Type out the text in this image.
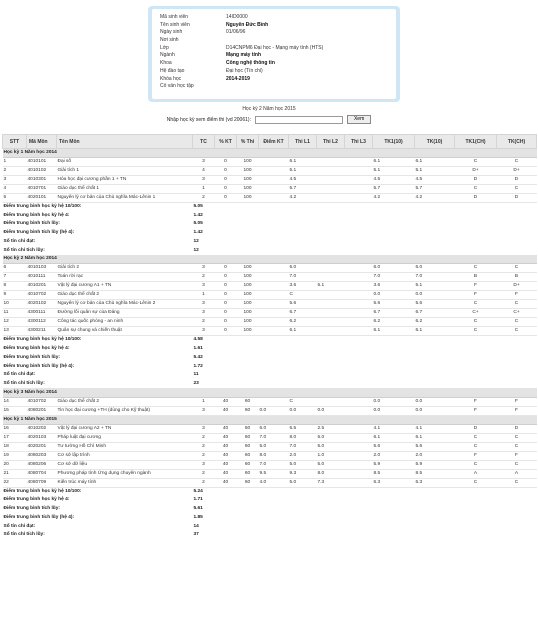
Mã sinh viên	14ID0000
Tên sinh viên	Nguyễn Đức Bình
Ngày sinh	01/06/96
Nơi sinh
Lớp	D14CNPM6 Đại học - Mạng máy tính (HTS)
Ngành	Mạng máy tính
Khoa	Công nghệ thông tin
Hệ đào tạo	Đại học (Tín chỉ)
Khóa học	2014-2019
Cố vấn học tập
Học kỳ 2 Năm học 2015
Nhập học kỳ xem điểm thi (vd 20061):	Xem
STT	Mã Môn	Tên Môn	TC	% KT	% Thi	Điểm KT	Thi L1	Thi L2	Thi L3	TK1(10)	TK(10)	TK1(CH)	TK(CH)
Học kỳ 1 Năm học 2014													
1	4010101	Đại số	3	0	100		6.1			6.1	6.1	C	C
2	4010102	Giải tích 1	4	0	100		5.1			5.1	5.1	D+	D+
3	4010301	Hóa học đại cương phần 1 + TN	3	0	100		4.5			4.5	4.5	D	D
4	4010701	Giáo dục thể chất 1	1	0	100		5.7			5.7	5.7	C	C
5	4020101	Nguyên lý cơ bản của Chủ nghĩa Mác-Lênin 1	2	0	100		4.2			4.2	4.2	D	D
Điểm trung bình học kỳ hệ 10/100:			5.05										
Điểm trung bình học kỳ hệ 4:			1.42										
Điểm trung bình tích lũy:			5.05										
Điểm trung bình tích lũy (hệ 4):			1.42										
Số tín chỉ đạt:			12										
Số tín chỉ tích lũy:			12										
Học kỳ 2 Năm học 2014													
6	4010103	Giải tích 2	3	0	100		6.0			6.0	6.0	C	C
7	4010111	Toán rời rạc	2	0	100		7.0			7.0	7.0	B	B
8	4010201	Vật lý đại cương A1 + TN	3	0	100		3.6	5.1		3.6	5.1	F	D+
9	4010702	Giáo dục thể chất 2	1	0	100		C			0.0	0.0	F	F
10	4020102	Nguyên lý cơ bản của Chủ nghĩa Mác-Lênin 2	3	0	100		5.6			5.6	5.6	C	C
11	4300111	Đường lối quân sự của Đảng	3	0	100		6.7			6.7	6.7	C+	C+
12	4300112	Công tác quốc phòng - an ninh	2	0	100		6.2			6.2	6.2	C	C
13	4300211	Quân sự chung và chiến thuật	3	0	100		6.1			6.1	6.1	C	C
Điểm trung bình học kỳ hệ 10/100:			4.58										
Điểm trung bình học kỳ hệ 4:			1.61										
Điểm trung bình tích lũy:			5.42										
Điểm trung bình tích lũy (hệ 4):			1.72										
Số tín chỉ đạt:			11										
Số tín chỉ tích lũy:			23										
Học kỳ 3 Năm học 2014													
14	4010702	Giáo dục thể chất 2	1	40	60		C			0.0	0.0	F	F
15	4080201	Tin học đại cương +TH (dùng cho Kỹ thuật)	3	40	60	0.0	0.0	0.0		0.0	0.0	F	F
Học kỳ 1 Năm học 2015													
16	4010202	Vật lý đại cương A2 + TN	3	40	60	6.0	6.5	2.5		4.1	4.1	D	D
17	4020103	Pháp luật đại cương	2	40	60	7.0	8.0	5.0		6.1	6.1	C	C
18	4020201	Tư tưởng Hồ Chí Minh	2	40	60	5.0	7.0	5.0		5.6	5.6	C	C
19	4080203	Cơ sở lập trình	2	40	60	8.0	2.0	1.0		2.0	2.0	F	F
20	4080206	Cơ sở dữ liệu	3	40	60	7.0	5.0	5.0		5.9	5.9	C	C
21	4080704	Phương pháp tính Ứng dụng chuyên ngành	2	40	60	9.5	9.3	8.0		8.5	8.5	A	A
22	4080709	Kiến trúc máy tính	2	40	60	4.0	5.0	7.3		6.3	6.3	C	C
Điểm trung bình học kỳ hệ 10/100:			5.24										
Điểm trung bình học kỳ hệ 4:			1.71										
Điểm trung bình tích lũy:			5.61										
Điểm trung bình tích lũy (hệ 4):			1.85										
Số tín chỉ đạt:			14										
Số tín chỉ tích lũy:			37										
